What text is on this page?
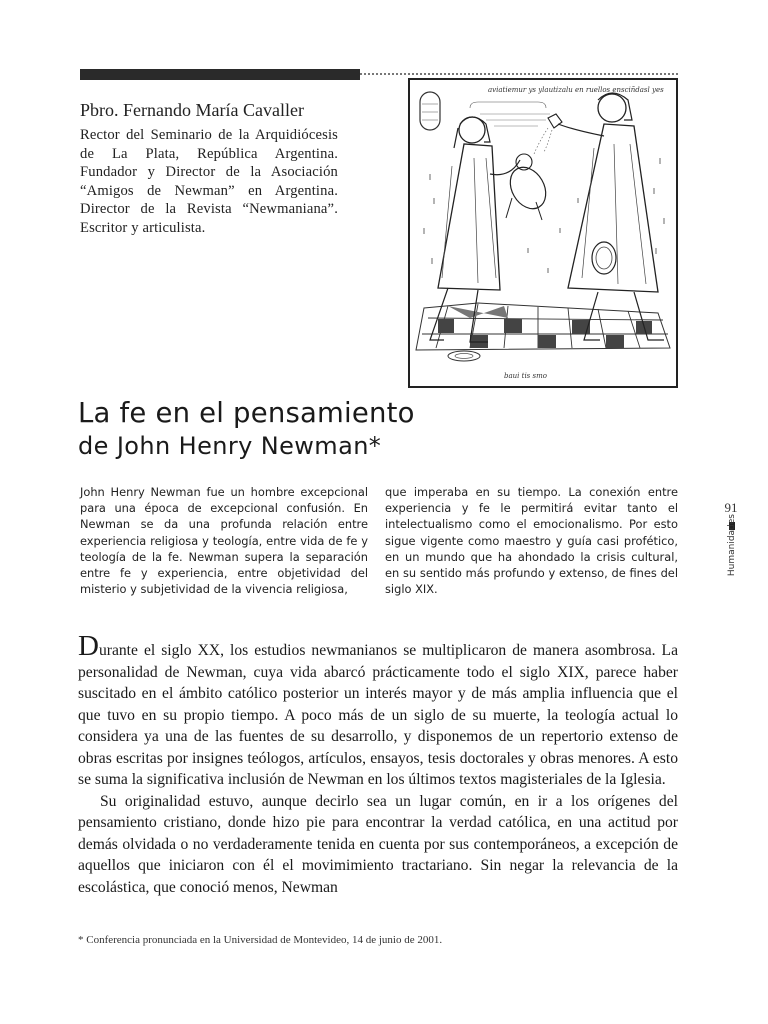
Pbro. Fernando María Cavaller
Rector del Seminario de la Arquidiócesis de La Plata, República Argentina. Fundador y Director de la Asociación “Amigos de Newman” en Argentina. Director de la Revista “Newmaniana”. Escritor y articulista.
aviatiemur ys ylautizalu en ruellos ensciñdasl yes
baui tis smo
La fe en el pensamiento
de John Henry Newman*
John Henry Newman fue un hombre excepcional para una época de excepcional confusión. En Newman se da una profunda relación entre experiencia religiosa y teología, entre vida de fe y teología de la fe. Newman supera la separación entre fe y experiencia, entre objetividad del misterio y subjetividad de la vivencia religiosa,
que imperaba en su tiempo. La conexión entre experiencia y fe le permitirá evitar tanto el intelectualismo como el emocionalismo. Por esto sigue vigente como maestro y guía casi profético, en un mundo que ha ahondado la crisis cultural, en su sentido más profundo y extenso, de fines del siglo XIX.
91
Humanidades

Durante el siglo XX, los estudios newmanianos se multiplicaron de manera asombrosa. La personalidad de Newman, cuya vida abarcó prácticamente todo el siglo XIX, parece haber suscitado en el ámbito católico posterior un interés mayor y de más amplia influencia que el que tuvo en su propio tiempo. A poco más de un siglo de su muerte, la teología actual lo considera ya una de las fuentes de su desarrollo, y disponemos de un repertorio extenso de obras escritas por insignes teólogos, artículos, ensayos, tesis doctorales y obras menores. A esto se suma la significativa inclusión de Newman en los últimos textos magisteriales de la Iglesia.

Su originalidad estuvo, aunque decirlo sea un lugar común, en ir a los orígenes del pensamiento cristiano, donde hizo pie para encontrar la verdad católica, en una actitud por demás olvidada o no verdaderamente tenida en cuenta por sus contemporáneos, a excepción de aquellos que iniciaron con él el movimimiento tractariano. Sin negar la relevancia de la escolástica, que conoció menos, Newman

* Conferencia pronunciada en la Universidad de Montevideo, 14 de junio de 2001.
